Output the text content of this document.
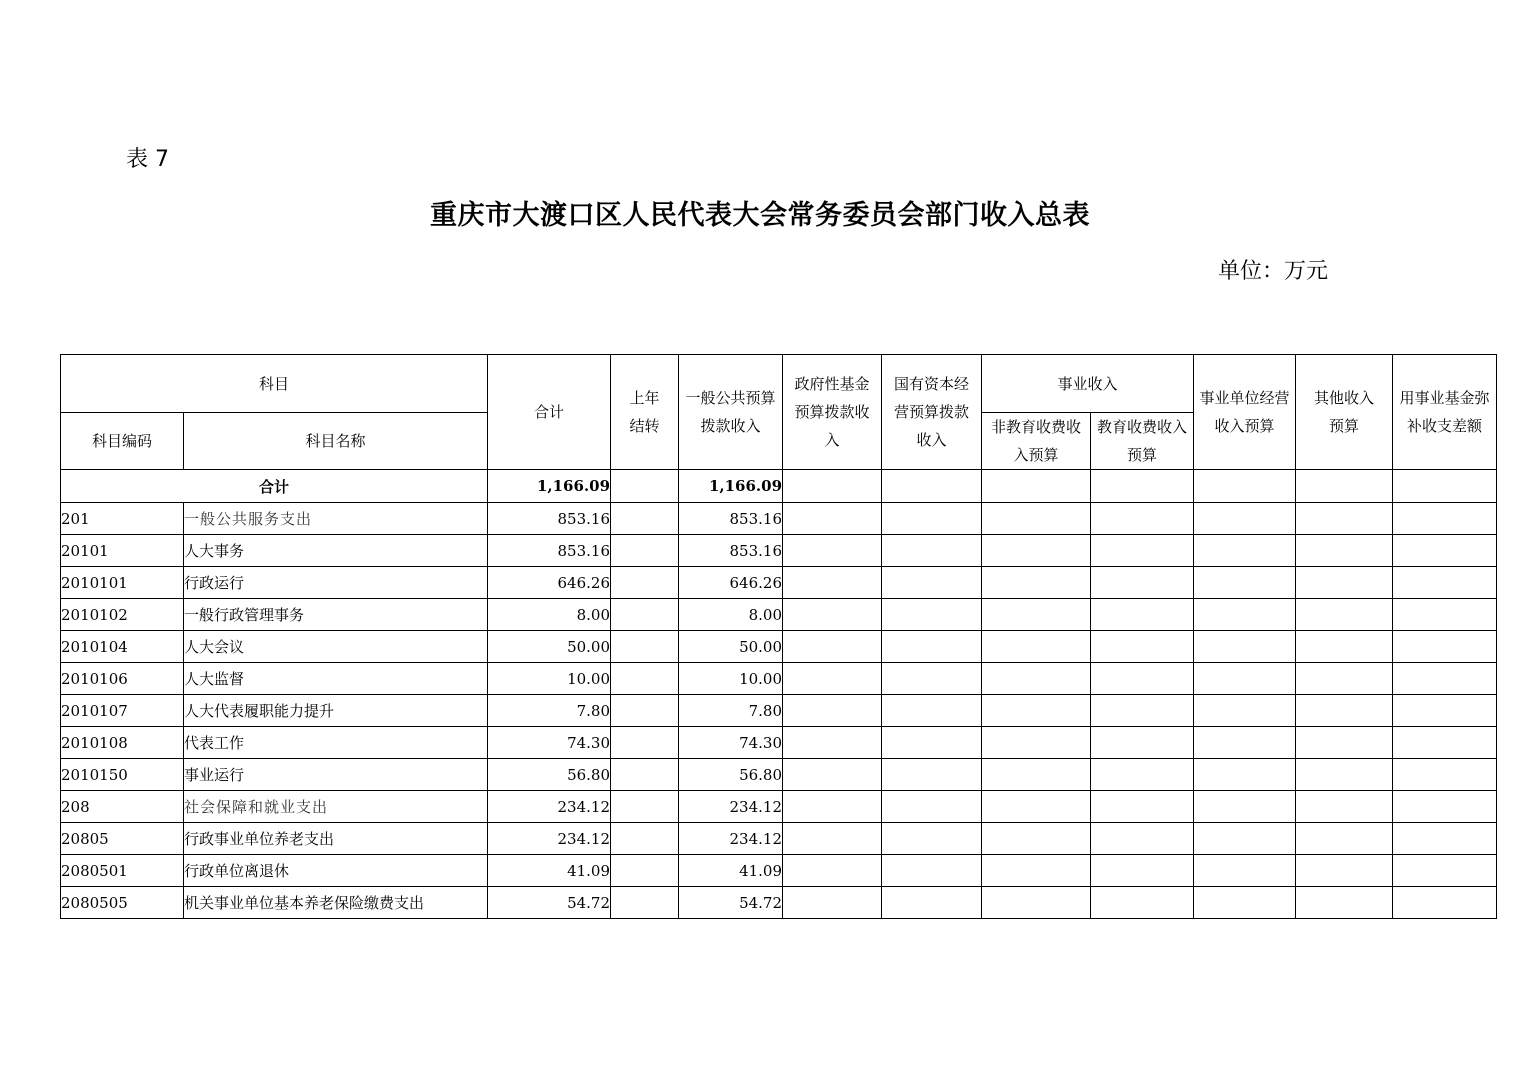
表 7
重庆市大渡口区人民代表大会常务委员会部门收入总表
单位：万元
科目		合计	上年结转	一般公共预算拨款收入	政府性基金预算拨款收入	国有资本经营预算拨款收入	事业收入		事业单位经营收入预算	其他收入预算	用事业基金弥补收支差额

科目编码	科目名称						非教育收费收入预算	教育收费收入预算			

合计		1,166.09		1,166.09							
201	一般公共服务支出	853.16		853.16							
20101	人大事务	853.16		853.16							
2010101	行政运行	646.26		646.26							
2010102	一般行政管理事务	8.00		8.00							
2010104	人大会议	50.00		50.00							
2010106	人大监督	10.00		10.00							
2010107	人大代表履职能力提升	7.80		7.80							
2010108	代表工作	74.30		74.30							
2010150	事业运行	56.80		56.80							
208	社会保障和就业支出	234.12		234.12							
20805	行政事业单位养老支出	234.12		234.12							
2080501	行政单位离退休	41.09		41.09							
2080505	机关事业单位基本养老保险缴费支出	54.72		54.72							
